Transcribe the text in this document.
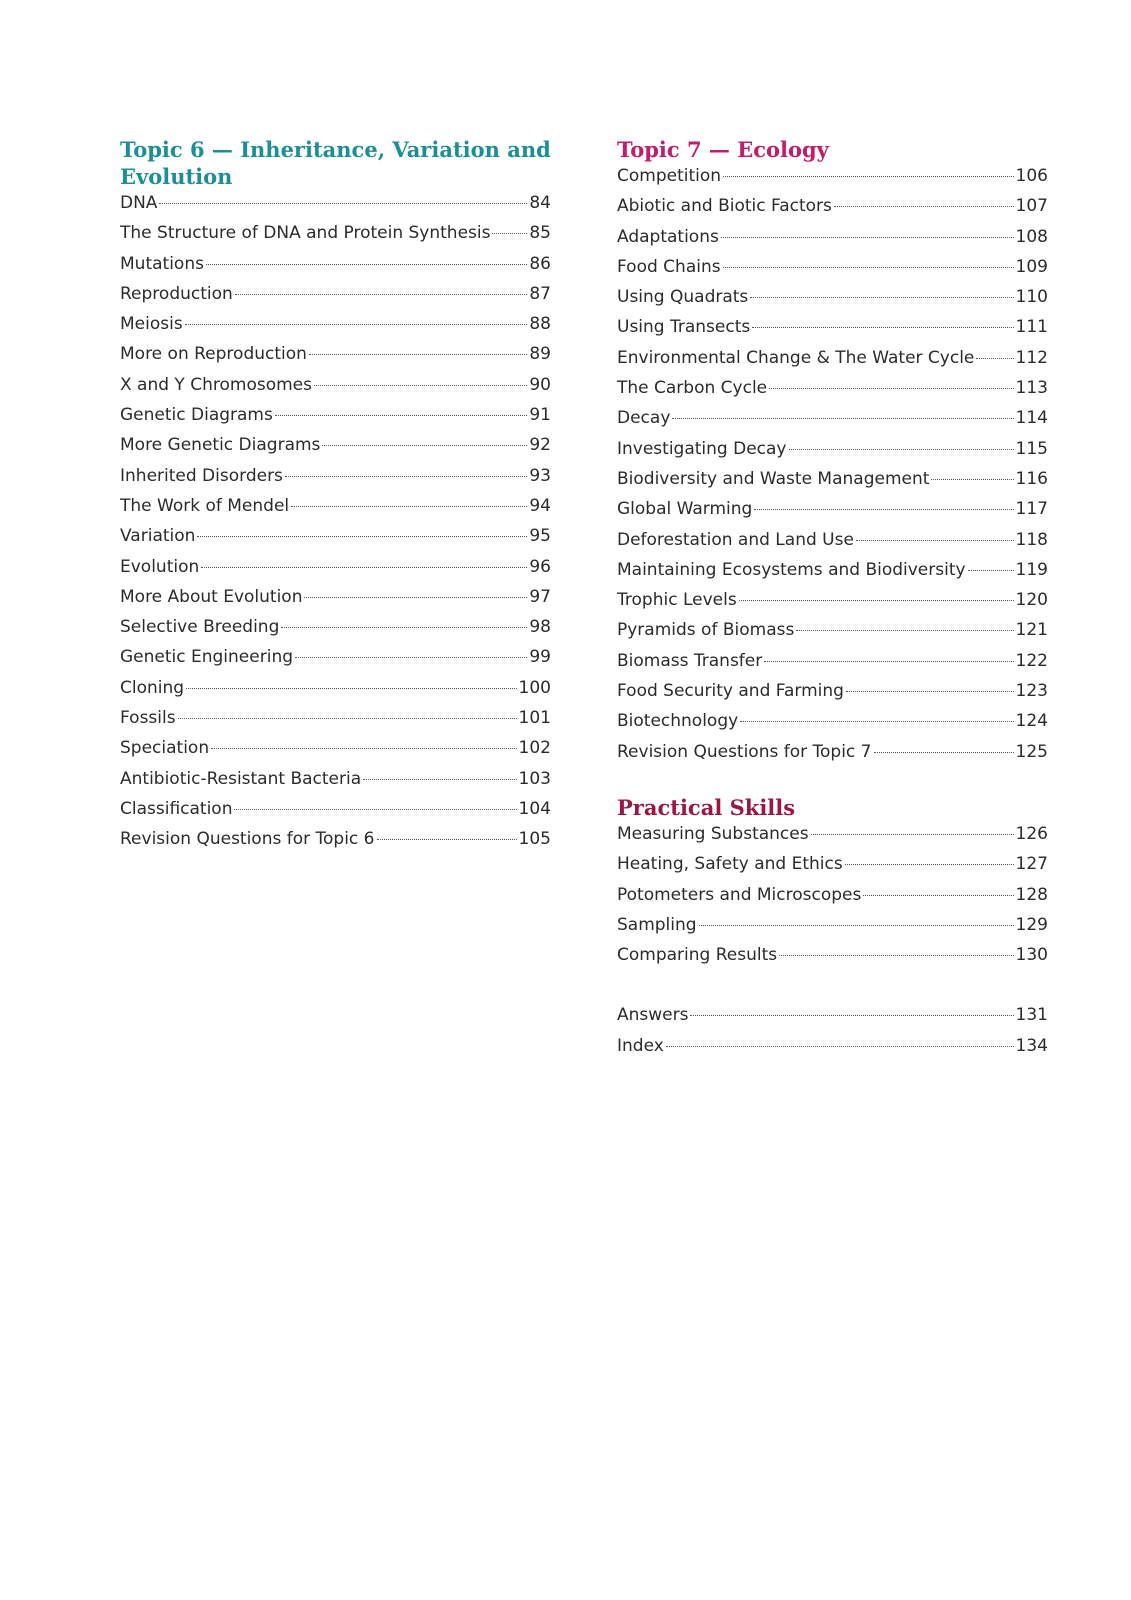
Topic 6 — Inheritance, Variation and
Evolution
DNA	84
The Structure of DNA and Protein Synthesis 85
Mutations	86
Reproduction	87
Meiosis	88
More on Reproduction	89
X and Y Chromosomes	90
Genetic Diagrams	91
More Genetic Diagrams	92
Inherited Disorders	93
The Work of Mendel	94
Variation	95
Evolution	96
More About Evolution	97
Selective Breeding	98
Genetic Engineering	99
Cloning	100
Fossils	101
Speciation	102
Antibiotic-Resistant Bacteria	103
Classification	104
Revision Questions for Topic 6	105
Topic 7 — Ecology
Competition	106
Abiotic and Biotic Factors	107
Adaptations	108
Food Chains	109
Using Quadrats	110
Using Transects	111
Environmental Change & The Water Cycle 112
The Carbon Cycle	113
Decay	114
Investigating Decay	115
Biodiversity and Waste Management	116
Global Warming	117
Deforestation and Land Use	118
Maintaining Ecosystems and Biodiversity	119
Trophic Levels	120
Pyramids of Biomass	121
Biomass Transfer	122
Food Security and Farming	123
Biotechnology	124
Revision Questions for Topic 7	125
Practical Skills
Measuring Substances	126
Heating, Safety and Ethics	127
Potometers and Microscopes	128
Sampling	129
Comparing Results	130
Answers	131
Index	134
